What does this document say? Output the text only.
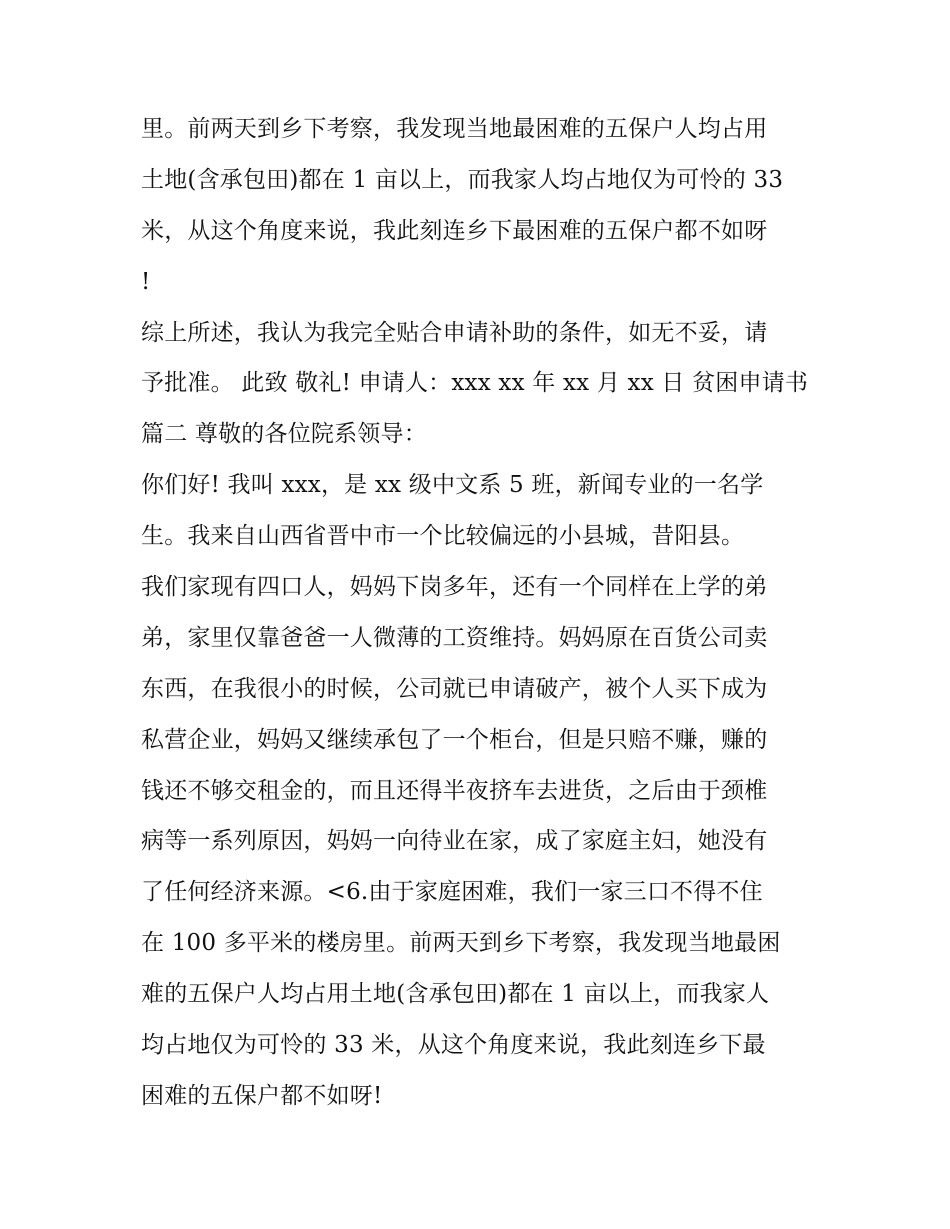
里。前两天到乡下考察，我发现当地最困难的五保户人均占用
土地(含承包田)都在 1 亩以上，而我家人均占地仅为可怜的 33
米，从这个角度来说，我此刻连乡下最困难的五保户都不如呀
!
综上所述，我认为我完全贴合申请补助的条件，如无不妥，请
予批准。 此致 敬礼! 申请人：xxx xx 年 xx 月 xx 日 贫困申请书
篇二 尊敬的各位院系领导：
你们好! 我叫 xxx，是 xx 级中文系 5 班，新闻专业的一名学
生。我来自山西省晋中市一个比较偏远的小县城，昔阳县。
我们家现有四口人，妈妈下岗多年，还有一个同样在上学的弟
弟，家里仅靠爸爸一人微薄的工资维持。妈妈原在百货公司卖
东西，在我很小的时候，公司就已申请破产，被个人买下成为
私营企业，妈妈又继续承包了一个柜台，但是只赔不赚，赚的
钱还不够交租金的，而且还得半夜挤车去进货，之后由于颈椎
病等一系列原因，妈妈一向待业在家，成了家庭主妇，她没有
了任何经济来源。<6.由于家庭困难，我们一家三口不得不住
在 100 多平米的楼房里。前两天到乡下考察，我发现当地最困
难的五保户人均占用土地(含承包田)都在 1 亩以上，而我家人
均占地仅为可怜的 33 米，从这个角度来说，我此刻连乡下最
困难的五保户都不如呀!
